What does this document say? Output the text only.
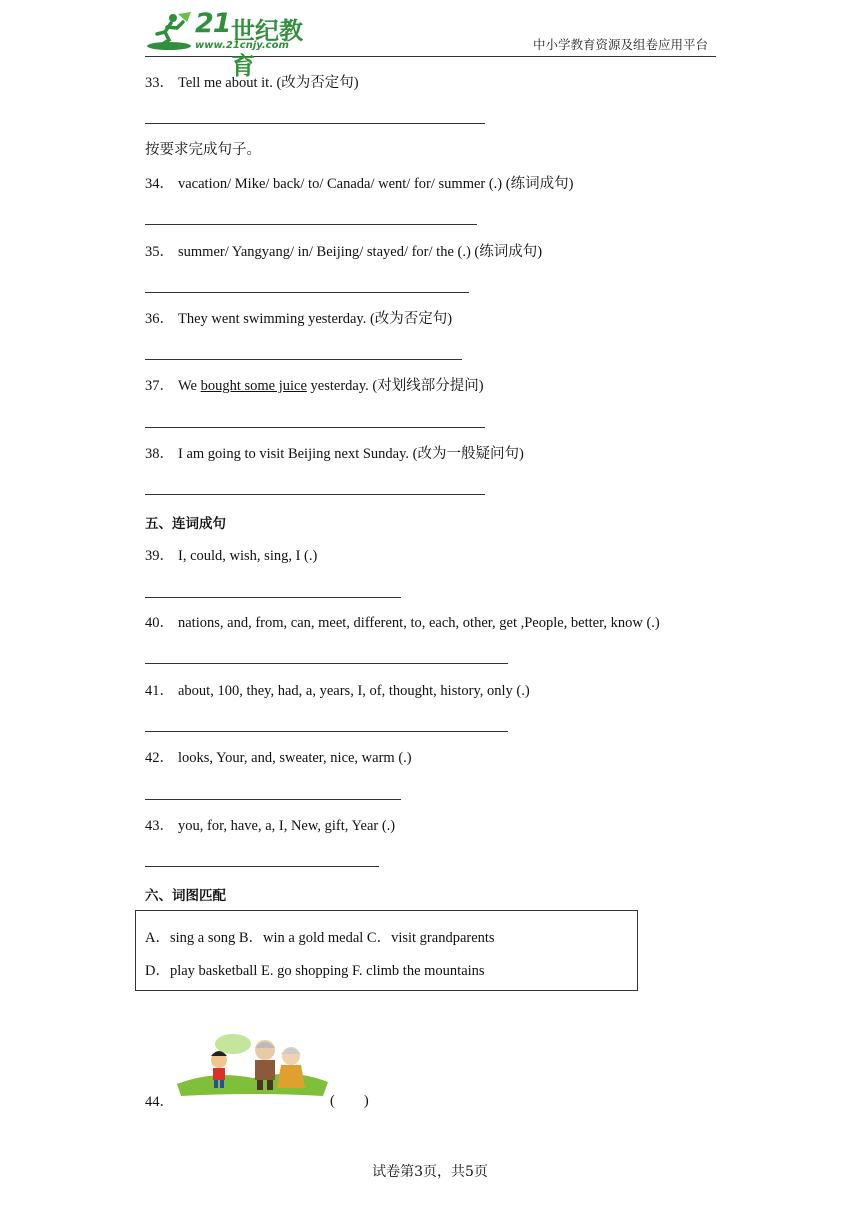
21 世纪教育
www.21cnjy.com	中小学教育资源及组卷应用平台
33． Tell me about it. (改为否定句)
按要求完成句子。
34． vacation/ Mike/ back/ to/ Canada/ went/ for/ summer (.) (练词成句)
35． summer/ Yangyang/ in/ Beijing/ stayed/ for/ the (.) (练词成句)
36． They went swimming yesterday. (改为否定句)
37． We bought some juice yesterday. (对划线部分提问)
38． I am going to visit Beijing next Sunday. (改为一般疑问句)
五、连词成句
39． I, could, wish, sing, I (.)
40． nations, and, from, can, meet, different, to, each, other, get ,People, better, know (.)
41． about, 100, they, had, a, years, I, of, thought, history, only (.)
42． looks, Your, and, sweater, nice, warm (.)
43． you, for, have, a, I, New, gift, Year (.)
六、词图匹配
A．sing a song B．win a gold medal C．visit grandparents
D．play basketball E. go shopping F. climb the mountains
44．	(　　)
试卷第3页，共5页
